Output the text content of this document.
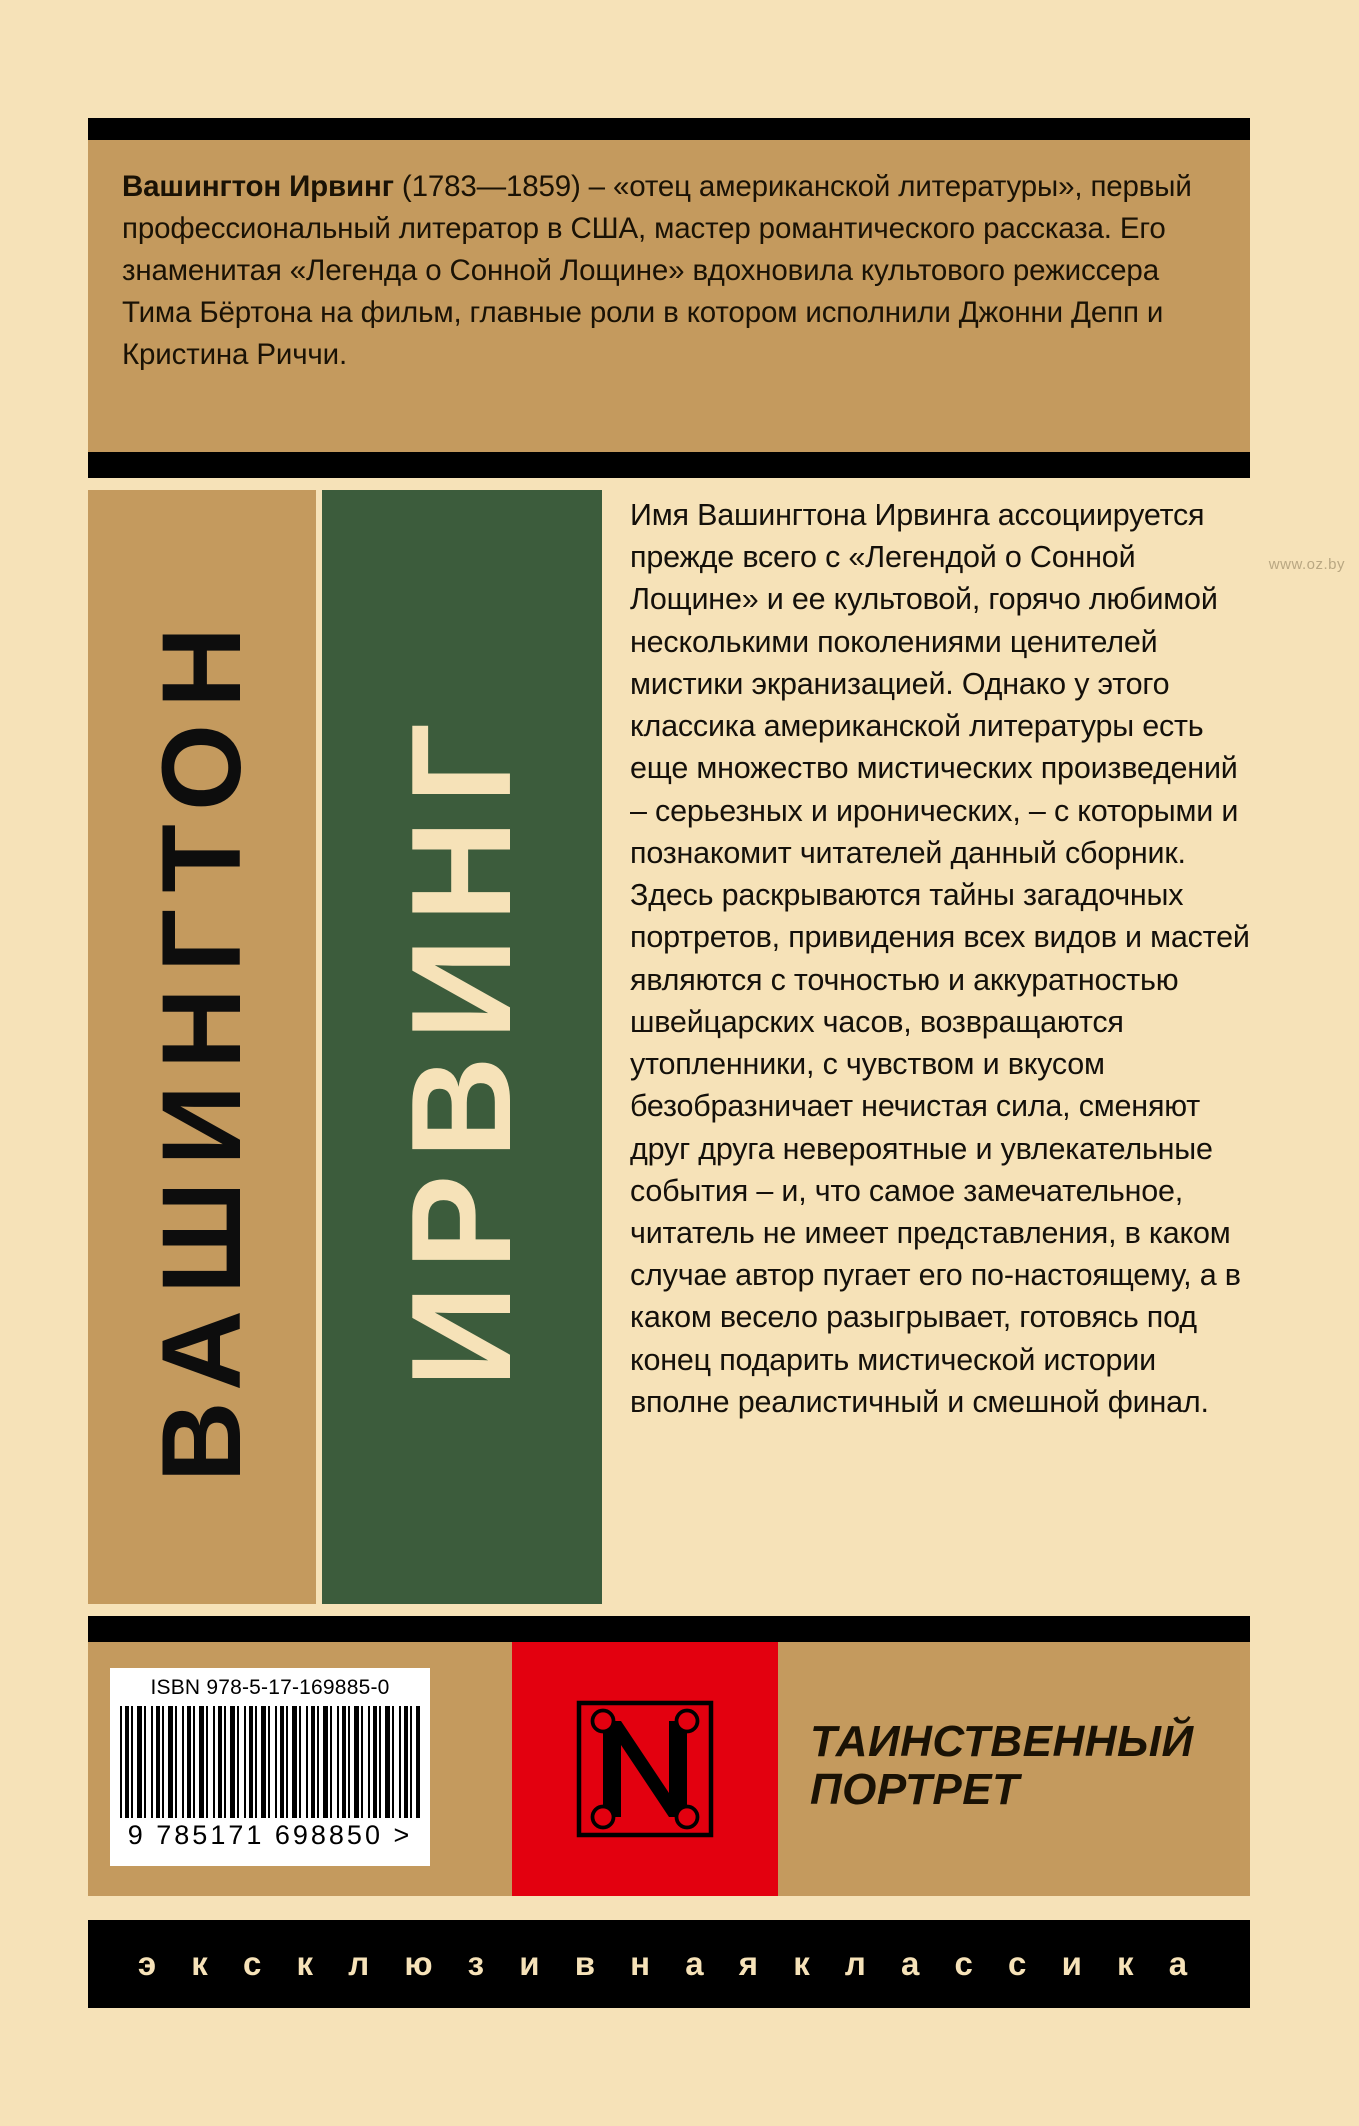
Вашингтон Ирвинг (1783—1859) – «отец американской литературы», первый профессиональный литератор в США, мастер романтического рассказа. Его знаменитая «Легенда о Сонной Лощине» вдохновила культового режиссера Тима Бёртона на фильм, главные роли в котором исполнили Джонни Депп и Кристина Риччи.
ВАШИНГТОН ИРВИНГ

Имя Вашингтона Ирвинга ассоциируется прежде всего с «Легендой о Сонной Лощине» и ее культовой, горячо любимой несколькими поколениями ценителей мистики экранизацией. Однако у этого классика американской литературы есть еще множество мистических произведений – серьезных и иронических, – с которыми и познакомит читателей данный сборник. Здесь раскрываются тайны загадочных портретов, привидения всех видов и мастей являются с точностью и аккуратностью швейцарских часов, возвращаются утопленники, с чувством и вкусом безобразничает нечистая сила, сменяют друг друга невероятные и увлекательные события – и, что самое замечательное, читатель не имеет представления, в каком случае автор пугает его по-настоящему, а в каком весело разыгрывает, готовясь под конец подарить мистической истории вполне реалистичный и смешной финал.

www.oz.by
ISBN 978-5-17-169885-0
9 785171 698850 >
ТАИНСТВЕННЫЙ ПОРТРЕТ
э к с к л ю з и в н а я к л а с с и к а
